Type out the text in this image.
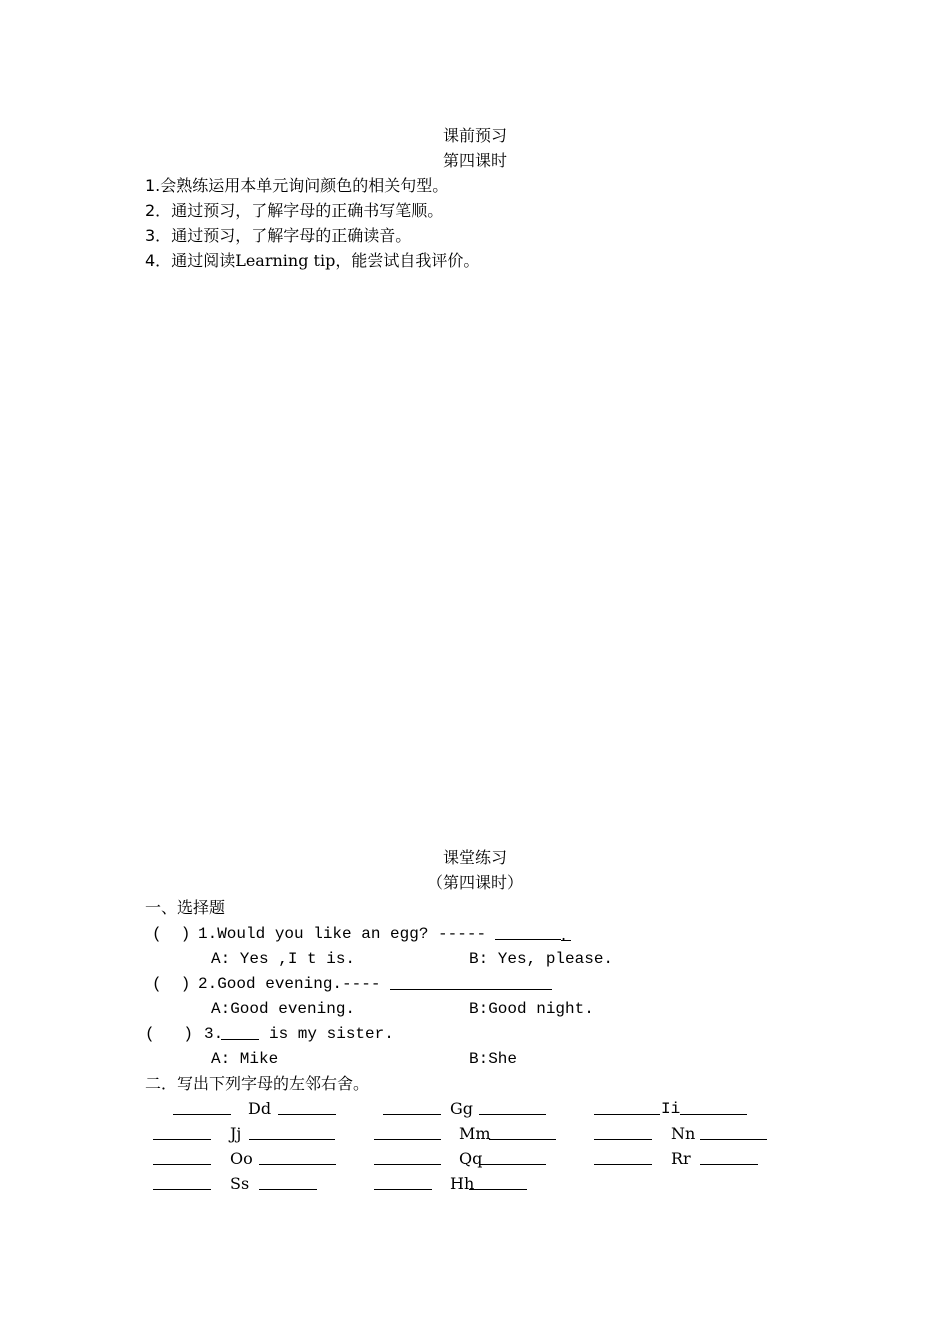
课前预习
第四课时
1.会熟练运用本单元询问颜色的相关句型。
2．通过预习，了解字母的正确书写笔顺。
3．通过预习，了解字母的正确读音。
4．通过阅读Learning tip，能尝试自我评价。
课堂练习
（第四课时）
一、选择题
(  ) 1.Would you like an egg? -----	.
A: Yes ,I t is.	B: Yes, please.
(  ) 2.Good evening.----
A:Good evening.	B:Good night.
(   ) 3.	is my sister.
A: Mike	B:She
二．写出下列字母的左邻右舍。
Dd	Gg	Ii
Jj	Mm	Nn
Oo	Qq	Rr
Ss	Hh
